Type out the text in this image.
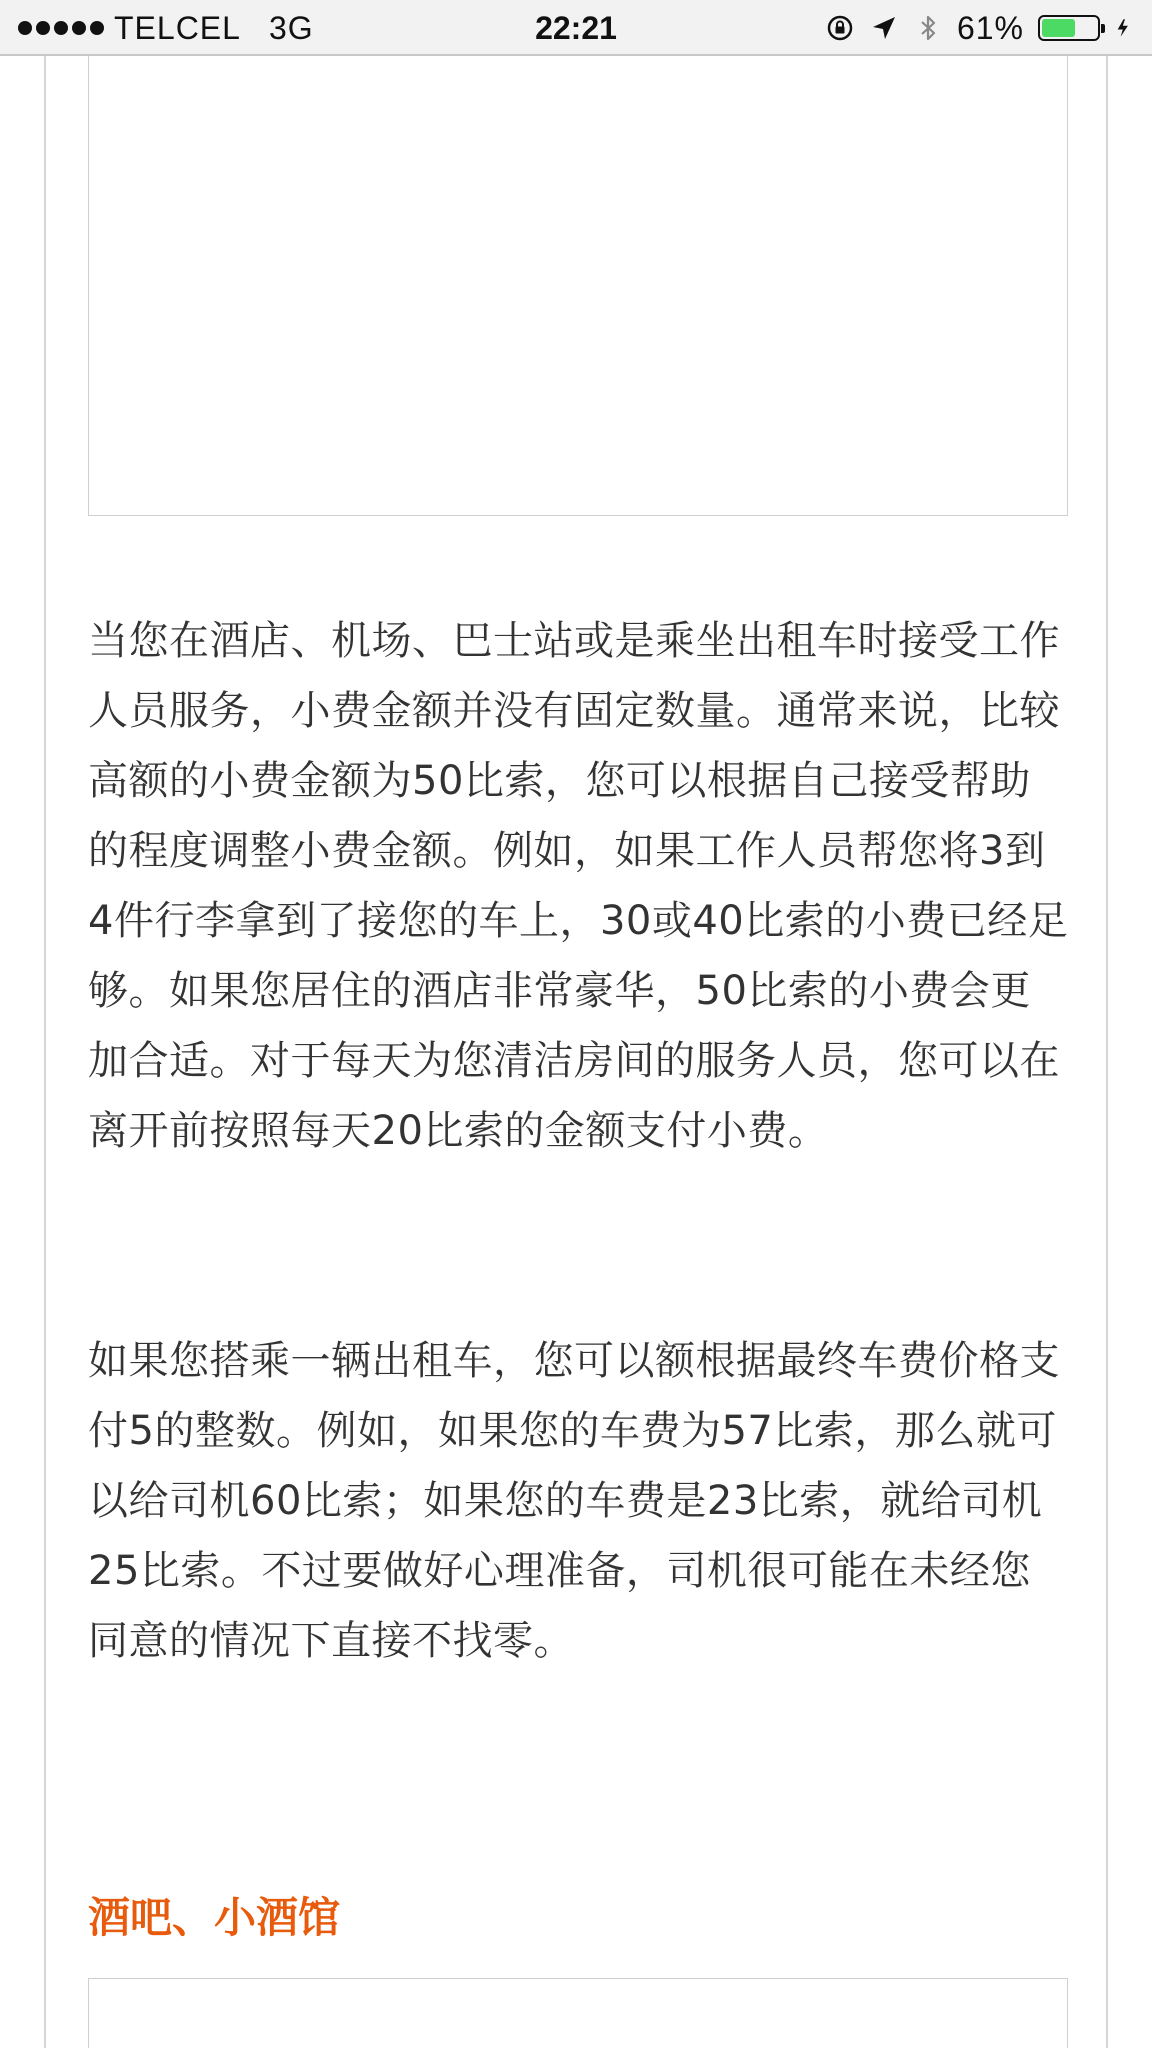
TELCEL 3G	22:21	61%

当您在酒店、机场、巴士站或是乘坐出租车时接受工作人员服务，小费金额并没有固定数量。通常来说，比较高额的小费金额为50比索，您可以根据自己接受帮助的程度调整小费金额。例如，如果工作人员帮您将3到4件行李拿到了接您的车上，30或40比索的小费已经足够。如果您居住的酒店非常豪华，50比索的小费会更加合适。对于每天为您清洁房间的服务人员，您可以在离开前按照每天20比索的金额支付小费。

如果您搭乘一辆出租车，您可以额根据最终车费价格支付5的整数。例如，如果您的车费为57比索，那么就可以给司机60比索；如果您的车费是23比索，就给司机25比索。不过要做好心理准备，司机很可能在未经您同意的情况下直接不找零。

酒吧、小酒馆
